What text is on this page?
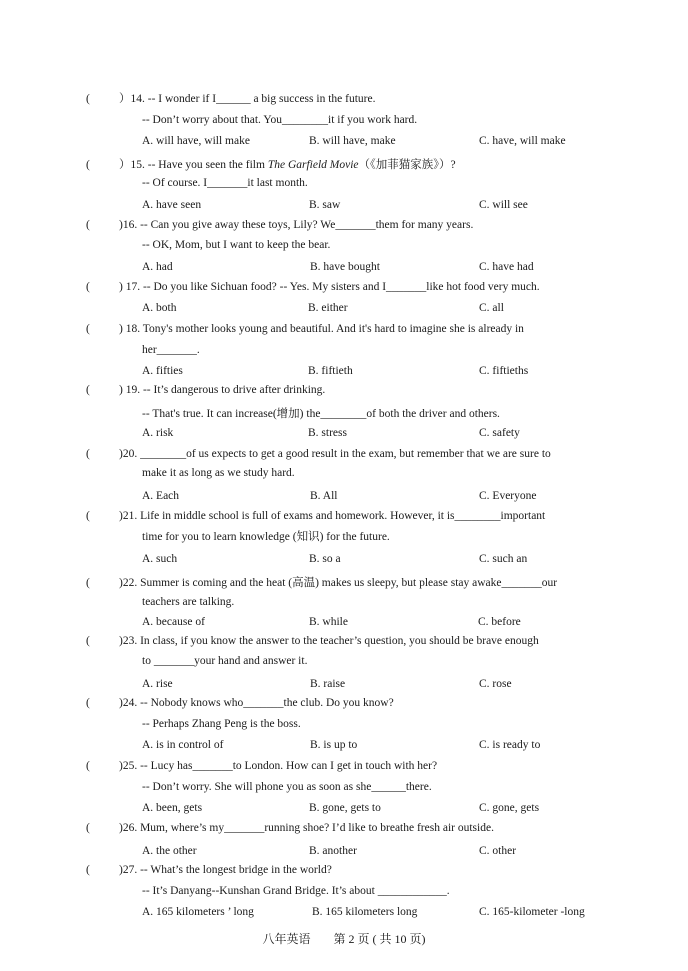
(	）14. -- I wonder if I______ a big success in the future.
-- Don’t worry about that. You________it if you work hard.
A. will have, will make	B. will have, make	C. have, will make
(	）15. -- Have you seen the film The Garfield Movie（《加菲猫家族》）?
-- Of course. I_______it last month.
A. have seen	B. saw	C. will see
(	)16. -- Can you give away these toys, Lily? We_______them for many years.
-- OK, Mom, but I want to keep the bear.
A. had	B. have bought	C. have had
(	) 17. -- Do you like Sichuan food? -- Yes. My sisters and I_______like hot food very much.
A. both	B. either	C. all
(	) 18. Tony's mother looks young and beautiful. And it's hard to imagine she is already in
her_______.
A. fifties	B. fiftieth	C. fiftieths
(	) 19. -- It’s dangerous to drive after drinking.
-- That's true. It can increase(增加) the________of both the driver and others.
A. risk	B. stress	C. safety
(	)20. ________of us expects to get a good result in the exam, but remember that we are sure to
make it as long as we study hard.
A. Each	B. All	C. Everyone
(	)21. Life in middle school is full of exams and homework. However, it is________important
time for you to learn knowledge (知识) for the future.
A. such	B. so a	C. such an
(	)22. Summer is coming and the heat (高温) makes us sleepy, but please stay awake_______our
teachers are talking.
A. because of	B. while	C. before
(	)23. In class, if you know the answer to the teacher’s question, you should be brave enough
to _______your hand and answer it.
A. rise	B. raise	C. rose
(	)24. -- Nobody knows who_______the club. Do you know?
-- Perhaps Zhang Peng is the boss.
A. is in control of	B. is up to	C. is ready to
(	)25. -- Lucy has_______to London. How can I get in touch with her?
-- Don’t worry. She will phone you as soon as she______there.
A. been, gets	B. gone, gets to	C. gone, gets
(	)26. Mum, where’s my_______running shoe? I’d like to breathe fresh air outside.
A. the other	B. another	C. other
(	)27. -- What’s the longest bridge in the world?
-- It’s Danyang--Kunshan Grand Bridge. It’s about ____________.
A. 165 kilometers ’ long	B. 165 kilometers long	C. 165-kilometer -long
八年英语 第 2 页 ( 共 10 页)
